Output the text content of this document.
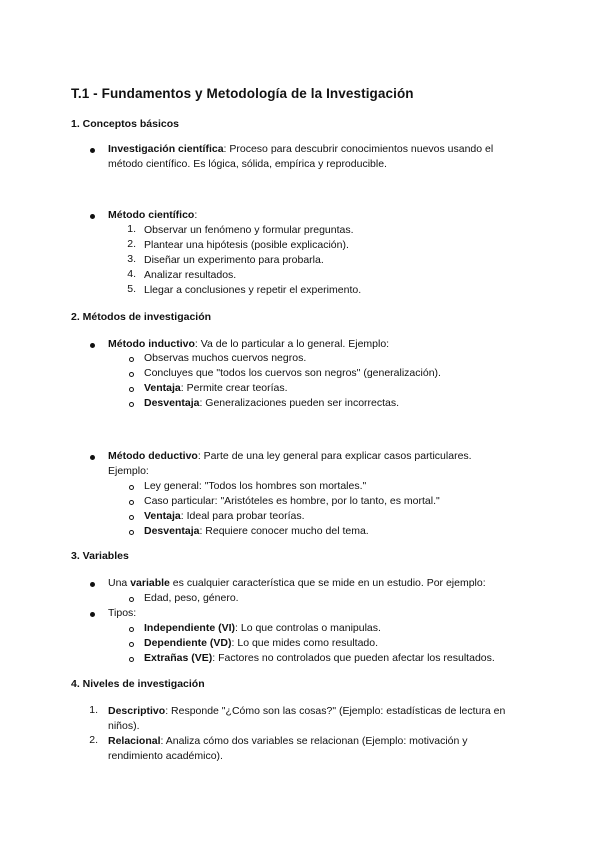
T.1 - Fundamentos y Metodología de la Investigación
1. Conceptos básicos
Investigación científica: Proceso para descubrir conocimientos nuevos usando el método científico. Es lógica, sólida, empírica y reproducible.
Método científico:
1. Observar un fenómeno y formular preguntas.
2. Plantear una hipótesis (posible explicación).
3. Diseñar un experimento para probarla.
4. Analizar resultados.
5. Llegar a conclusiones y repetir el experimento.
2. Métodos de investigación
Método inductivo: Va de lo particular a lo general. Ejemplo:
Observas muchos cuervos negros.
Concluyes que "todos los cuervos son negros" (generalización).
Ventaja: Permite crear teorías.
Desventaja: Generalizaciones pueden ser incorrectas.
Método deductivo: Parte de una ley general para explicar casos particulares. Ejemplo:
Ley general: "Todos los hombres son mortales."
Caso particular: "Aristóteles es hombre, por lo tanto, es mortal."
Ventaja: Ideal para probar teorías.
Desventaja: Requiere conocer mucho del tema.
3. Variables
Una variable es cualquier característica que se mide en un estudio. Por ejemplo:
Edad, peso, género.
Tipos:
Independiente (VI): Lo que controlas o manipulas.
Dependiente (VD): Lo que mides como resultado.
Extrañas (VE): Factores no controlados que pueden afectar los resultados.
4. Niveles de investigación
1. Descriptivo: Responde "¿Cómo son las cosas?" (Ejemplo: estadísticas de lectura en niños).
2. Relacional: Analiza cómo dos variables se relacionan (Ejemplo: motivación y rendimiento académico).
